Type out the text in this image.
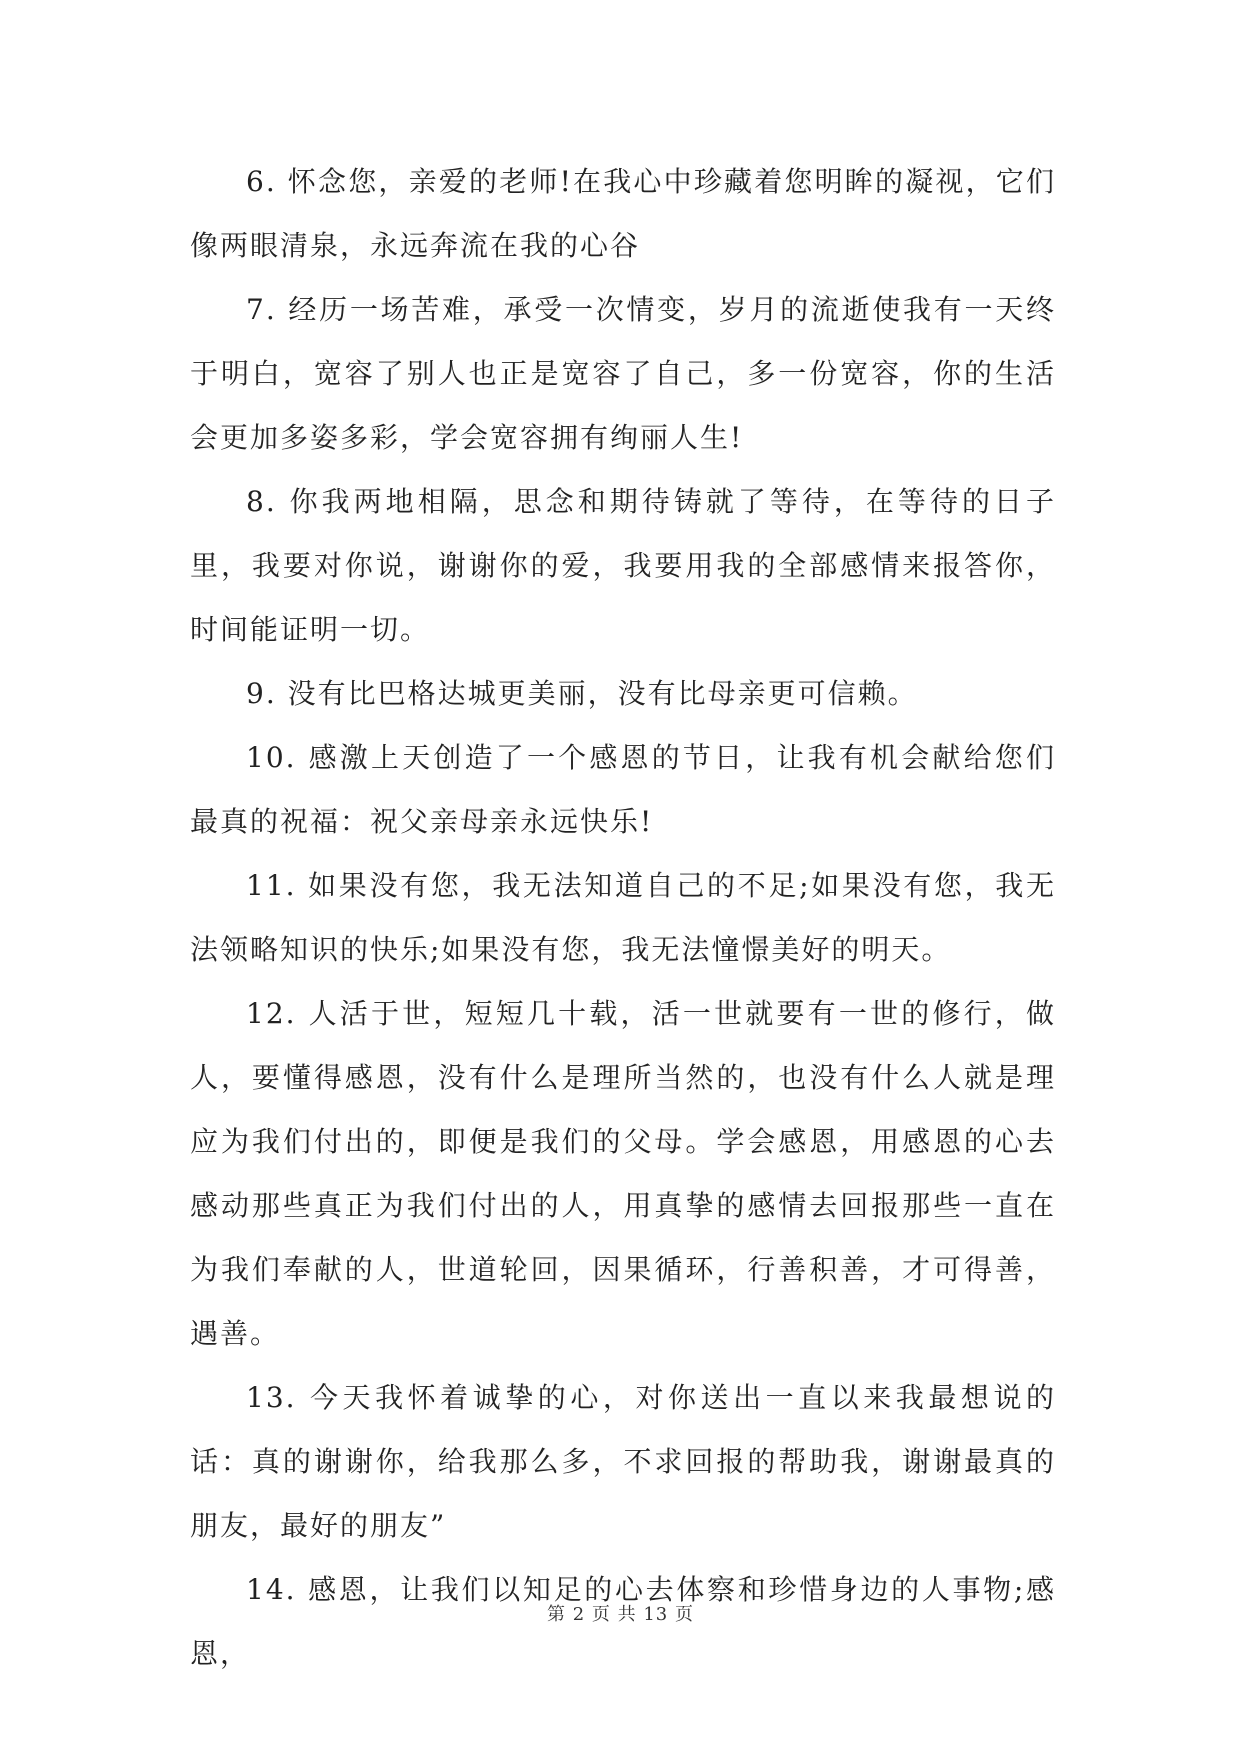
6. 怀念您，亲爱的老师!在我心中珍藏着您明眸的凝视，它们像两眼清泉，永远奔流在我的心谷

7. 经历一场苦难，承受一次情变，岁月的流逝使我有一天终于明白，宽容了别人也正是宽容了自己，多一份宽容，你的生活会更加多姿多彩，学会宽容拥有绚丽人生!

8. 你我两地相隔，思念和期待铸就了等待，在等待的日子里，我要对你说，谢谢你的爱，我要用我的全部感情来报答你，时间能证明一切。

9. 没有比巴格达城更美丽，没有比母亲更可信赖。

10. 感激上天创造了一个感恩的节日，让我有机会献给您们最真的祝福：祝父亲母亲永远快乐!

11. 如果没有您，我无法知道自己的不足;如果没有您，我无法领略知识的快乐;如果没有您，我无法憧憬美好的明天。

12. 人活于世，短短几十载，活一世就要有一世的修行，做人，要懂得感恩，没有什么是理所当然的，也没有什么人就是理应为我们付出的，即便是我们的父母。学会感恩，用感恩的心去感动那些真正为我们付出的人，用真挚的感情去回报那些一直在为我们奉献的人，世道轮回，因果循环，行善积善，才可得善，遇善。

13. 今天我怀着诚挚的心，对你送出一直以来我最想说的话：真的谢谢你，给我那么多，不求回报的帮助我，谢谢最真的朋友，最好的朋友”

14. 感恩，让我们以知足的心去体察和珍惜身边的人事物;感恩，

第 2 页 共 13 页
